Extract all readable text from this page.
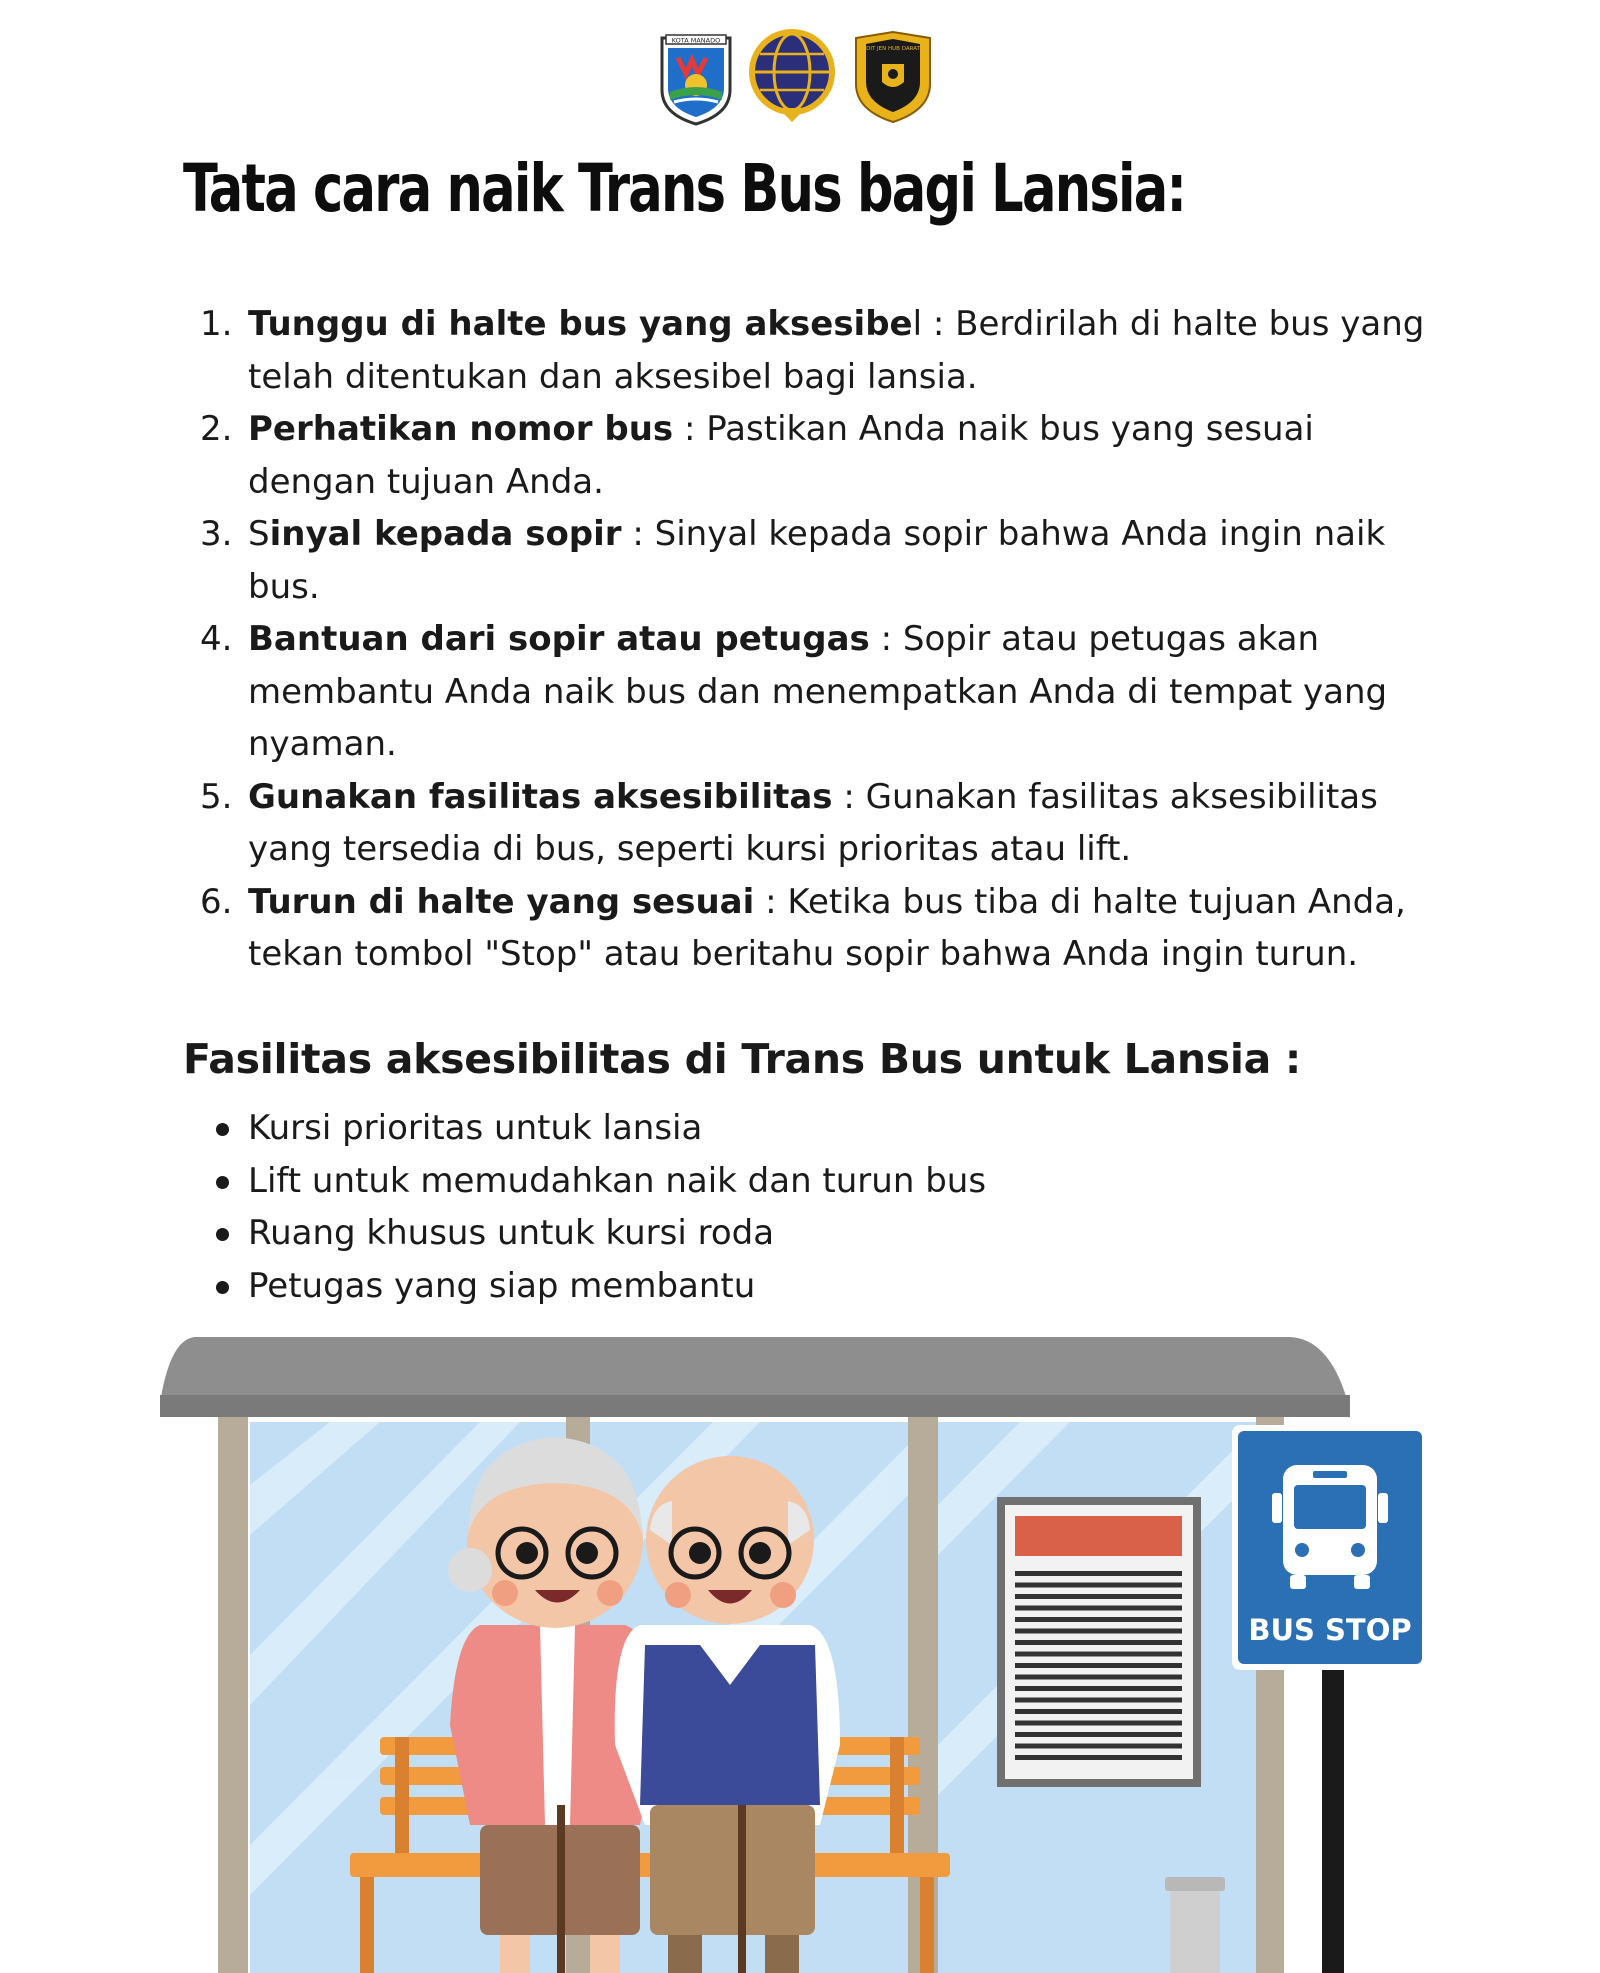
KOTA MANADO
DIT JEN HUB DARAT
Tata cara naik Trans Bus bagi Lansia:
1. Tunggu di halte bus yang aksesibel : Berdirilah di halte bus yang telah ditentukan dan aksesibel bagi lansia.
2. Perhatikan nomor bus : Pastikan Anda naik bus yang sesuai dengan tujuan Anda.
3. Sinyal kepada sopir : Sinyal kepada sopir bahwa Anda ingin naik bus.
4. Bantuan dari sopir atau petugas : Sopir atau petugas akan membantu Anda naik bus dan menempatkan Anda di tempat yang nyaman.
5. Gunakan fasilitas aksesibilitas : Gunakan fasilitas aksesibilitas yang tersedia di bus, seperti kursi prioritas atau lift.
6. Turun di halte yang sesuai : Ketika bus tiba di halte tujuan Anda, tekan tombol "Stop" atau beritahu sopir bahwa Anda ingin turun.
Fasilitas aksesibilitas di Trans Bus untuk Lansia :
Kursi prioritas untuk lansia
Lift untuk memudahkan naik dan turun bus
Ruang khusus untuk kursi roda
Petugas yang siap membantu
BUS STOP
